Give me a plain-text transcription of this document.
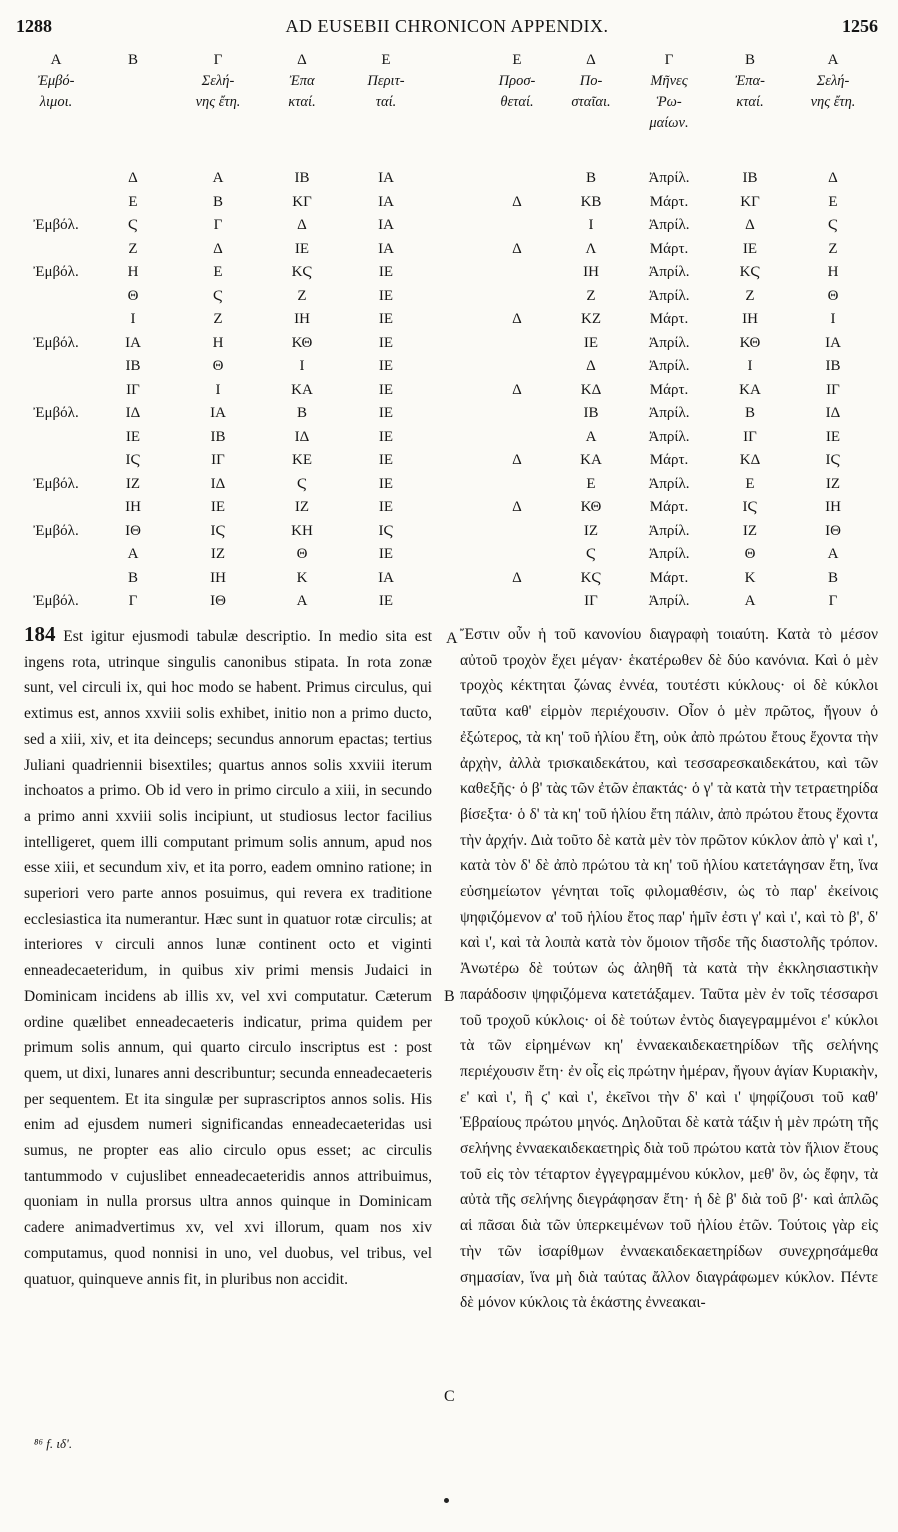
1288	AD EUSEBII CHRONICON APPENDIX.	1256
Α	Β	Γ	Δ	Ε
Ἐμβό-
λιμοι.		Σελή-
νης ἔτη.	Ἐπα
κταί.	Περιτ-
ταί.
	Δ	Α	ΙΒ	ΙΑ
	Ε	Β	ΚΓ	ΙΑ
Ἐμβόλ.	Ϛ	Γ	Δ	ΙΑ
	Ζ	Δ	ΙΕ	ΙΑ
Ἐμβόλ.	Η	Ε	ΚϚ	ΙΕ
	Θ	Ϛ	Ζ	ΙΕ
	Ι	Ζ	ΙΗ	ΙΕ
Ἐμβόλ.	ΙΑ	Η	ΚΘ	ΙΕ
	ΙΒ	Θ	Ι	ΙΕ
	ΙΓ	Ι	ΚΑ	ΙΕ
Ἐμβόλ.	ΙΔ	ΙΑ	Β	ΙΕ
	ΙΕ	ΙΒ	ΙΔ	ΙΕ
	ΙϚ	ΙΓ	ΚΕ	ΙΕ
Ἐμβόλ.	ΙΖ	ΙΔ	Ϛ	ΙΕ
	ΙΗ	ΙΕ	ΙΖ	ΙΕ
Ἐμβόλ.	ΙΘ	ΙϚ	ΚΗ	ΙϚ
	Α	ΙΖ	Θ	ΙΕ
	Β	ΙΗ	Κ	ΙΑ
Ἐμβόλ.	Γ	ΙΘ	Α	ΙΕ
Ε	Δ	Γ	Β	Α
Προσ-
θεταί.	Πο-
σταῖαι.	Μῆνες
Ῥω-
μαίων.	Ἐπα-
κταί.	Σελή-
νης ἔτη.
	Β	Ἀπρίλ.	ΙΒ	Δ
Δ	ΚΒ	Μάρτ.	ΚΓ	Ε
	Ι	Ἀπρίλ.	Δ	Ϛ
Δ	Λ	Μάρτ.	ΙΕ	Ζ
	ΙΗ	Ἀπρίλ.	ΚϚ	Η
	Ζ	Ἀπρίλ.	Ζ	Θ
Δ	ΚΖ	Μάρτ.	ΙΗ	Ι
	ΙΕ	Ἀπρίλ.	ΚΘ	ΙΑ
	Δ	Ἀπρίλ.	Ι	ΙΒ
Δ	ΚΔ	Μάρτ.	ΚΑ	ΙΓ
	ΙΒ	Ἀπρίλ.	Β	ΙΔ
	Α	Ἀπρίλ.	ΙΓ	ΙΕ
Δ	ΚΑ	Μάρτ.	ΚΔ	ΙϚ
	Ε	Ἀπρίλ.	Ε	ΙΖ
Δ	ΚΘ	Μάρτ.	ΙϚ	ΙΗ
	ΙΖ	Ἀπρίλ.	ΙΖ	ΙΘ
	Ϛ	Ἀπρίλ.	Θ	Α
Δ	ΚϚ	Μάρτ.	Κ	Β
	ΙΓ	Ἀπρίλ.	Α	Γ

184 Est igitur ejusmodi tabulæ descriptio. In medio sita est ingens rota, utrinque singulis canonibus stipata. In rota zonæ sunt, vel circuli ix, qui hoc modo se habent. Primus circulus, qui extimus est, annos xxviii solis exhibet, initio non a primo ducto, sed a xiii, xiv, et ita deinceps; secundus annorum epactas; tertius Juliani quadriennii bisextiles; quartus annos solis xxviii iterum inchoatos a primo. Ob id vero in primo circulo a xiii, in secundo a primo anni xxviii solis incipiunt, ut studiosus lector facilius intelligeret, quem illi computant primum solis annum, apud nos esse xiii, et secundum xiv, et ita porro, eadem omnino ratione; in superiori vero parte annos posuimus, qui revera ex traditione ecclesiastica ita numerantur. Hæc sunt in quatuor rotæ circulis; at interiores v circuli annos lunæ continent octo et viginti enneadecaeteridum, in quibus xiv primi mensis Judaici in Dominicam incidens ab illis xv, vel xvi computatur. Cæterum ordine quælibet enneadecaeteris indicatur, prima quidem per primum solis annum, qui quarto circulo inscriptus est : post quem, ut dixi, lunares anni describuntur; secunda enneadecaeteris per sequentem. Et ita singulæ per suprascriptos annos solis. His enim ad ejusdem numeri significandas enneadecaeteridas usi sumus, ne propter eas alio circulo opus esset; ac circulis tantummodo v cujuslibet enneadecaeteridis annos attribuimus, quoniam in nulla prorsus ultra annos quinque in Dominicam cadere animadvertimus xv, vel xvi illorum, quam nos xiv computamus, quod nonnisi in uno, vel duobus, vel tribus, vel quatuor, quinqueve annis fit, in pluribus non accidit.

A
B
C

Ἔστιν οὖν ἡ τοῦ κανονίου διαγραφὴ τοιαύτη. Κατὰ τὸ μέσον αὐτοῦ τροχὸν ἔχει μέγαν· ἑκατέρωθεν δὲ δύο κανόνια. Καὶ ὁ μὲν τροχὸς κέκτηται ζώνας ἐννέα, τουτέστι κύκλους· οἱ δὲ κύκλοι ταῦτα καθ' εἱρμὸν περιέχουσιν. Οἷον ὁ μὲν πρῶτος, ἤγουν ὁ ἐξώτερος, τὰ κη' τοῦ ἡλίου ἔτη, οὐκ ἀπὸ πρώτου ἔτους ἔχοντα τὴν ἀρχὴν, ἀλλὰ τρισκαιδεκάτου, καὶ τεσσαρεσκαιδεκάτου, καὶ τῶν καθεξῆς· ὁ β' τὰς τῶν ἐτῶν ἐπακτάς· ὁ γ' τὰ κατὰ τὴν τετραετηρίδα βίσεξτα· ὁ δ' τὰ κη' τοῦ ἡλίου ἔτη πάλιν, ἀπὸ πρώτου ἔτους ἔχοντα τὴν ἀρχήν. Διὰ τοῦτο δὲ κατὰ μὲν τὸν πρῶτον κύκλον ἀπὸ γ' καὶ ι', κατὰ τὸν δ' δὲ ἀπὸ πρώτου τὰ κη' τοῦ ἡλίου κατετάγησαν ἔτη, ἵνα εὐσημείωτον γένηται τοῖς φιλομαθέσιν, ὡς τὸ παρ' ἐκείνοις ψηφιζόμενον α' τοῦ ἡλίου ἔτος παρ' ἡμῖν ἐστι γ' καὶ ι', καὶ τὸ β', δ' καὶ ι', καὶ τὰ λοιπὰ κατὰ τὸν ὅμοιον τῆσδε τῆς διαστολῆς τρόπον. Ἀνωτέρω δὲ τούτων ὡς ἀληθῆ τὰ κατὰ τὴν ἐκκλησιαστικὴν παράδοσιν ψηφιζόμενα κατετάξαμεν. Ταῦτα μὲν ἐν τοῖς τέσσαρσι τοῦ τροχοῦ κύκλοις· οἱ δὲ τούτων ἐντὸς διαγεγραμμένοι ε' κύκλοι τὰ τῶν εἰρημένων κη' ἐνναεκαιδεκαετηρίδων τῆς σελήνης περιέχουσιν ἔτη· ἐν οἷς εἰς πρώτην ἡμέραν, ἤγουν ἁγίαν Κυριακὴν, ε' καὶ ι', ἢ ϛ' καὶ ι', ἐκεῖνοι τὴν δ' καὶ ι' ψηφίζουσι τοῦ καθ' Ἑβραίους πρώτου μηνός. Δηλοῦται δὲ κατὰ τάξιν ἡ μὲν πρώτη τῆς σελήνης ἐνναεκαιδεκαετηρὶς διὰ τοῦ πρώτου κατὰ τὸν ἥλιον ἔτους τοῦ εἰς τὸν τέταρτον ἐγγεγραμμένου κύκλον, μεθ' ὃν, ὡς ἔφην, τὰ αὐτὰ τῆς σελήνης διεγράφησαν ἔτη· ἡ δὲ β' διὰ τοῦ β'· καὶ ἁπλῶς αἱ πᾶσαι διὰ τῶν ὑπερκειμένων τοῦ ἡλίου ἐτῶν. Τούτοις γὰρ εἰς τὴν τῶν ἰσαρίθμων ἐνναεκαιδεκαετηρίδων συνεχρησάμεθα σημασίαν, ἵνα μὴ διὰ ταύτας ἄλλον διαγράφωμεν κύκλον. Πέντε δὲ μόνον κύκλοις τὰ ἑκάστης ἐννεακαι-

⁸⁶ f. ιδ'.
